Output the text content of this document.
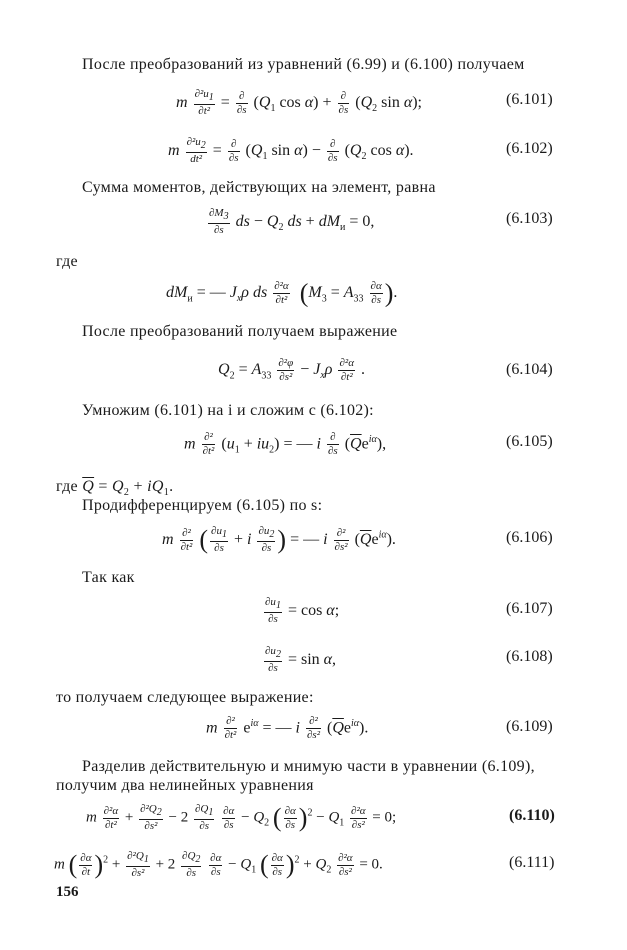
После преобразований из уравнений (6.99) и (6.100) получаем
m $\frac{\partial^2u_1}{\text{∂t²}} = \frac{\partial}{\partial s} (Q_1$ $\cos \alpha) + \frac{\partial}{\partial s} (Q_2$ sin α);	(6.101)
m $\frac{\partial^2u_2}{\text{dt²}} = \frac{\partial}{\partial s} (Q_1$ $\sin \alpha) - \frac{\partial}{\partial s} (Q_2$ cos α).	(6.102)
Сумма моментов, действующих на элемент, равна
$\frac{\partial M_3}{\partial s}$ ds − $Q_2$ ds + $dM_и = 0$,	(6.103)
где
$dM_и$ = — $J_x\rho$ ds $\frac{\text{∂²α}}{\text{∂t²}} (M_3 = A_{33} \frac{\partial\alpha}{\partial s}$ ).
После преобразований получаем выражение
$Q_2 = A_{33} \frac{\text{∂²φ}}{\text{∂s²}} - J_x\rho \frac{\text{∂²α}}{\text{∂t²}}$ .	(6.104)
Умножим (6.101) на i и сложим с (6.102):
m $\frac{\text{∂²}}{\text{∂t²}} (u_1 + iu_2)$ = — i $\frac{\partial}{\partial s} (\overline{Q}e^{i\alpha})$,	(6.105)
где $\overline{Q} = Q_2 + iQ_1$.
Продифференцируем (6.105) по s:
m $\frac{\text{∂²}}{\text{∂t²}}$ ( $\frac{\partial u_1}{\partial s} + i \frac{\partial u_2}{\partial s}$ ) = — i $\frac{\text{∂²}}{\text{∂s²}} (\overline{Q}e^{i\alpha})$.	(6.106)
Так как
$\frac{\partial u_1}{\partial s} = \cos \alpha$;	(6.107)
$\frac{\partial u_2}{\partial s} = \sin \alpha$,	(6.108)
то получаем следующее выражение:
m $\frac{\text{∂²}}{\text{∂t²}} e^{i\alpha}$ = — i $\frac{\text{∂²}}{\text{∂s²}} (\overline{Q}e^{i\alpha})$.	(6.109)
Разделив действительную и мнимую части в уравнении (6.109),
получим два нелинейных уравнения
m $\frac{\text{∂²α}}{\text{∂t²}} + \frac{\partial^2Q_2}{\text{∂s²}} - 2 \frac{\partial Q_1}{\partial s}$
$\frac{\partial\alpha}{\partial s} - Q_2$ ( $\frac{\partial\alpha}{\partial s} )^2 - Q_1 \frac{\text{∂²α}}{\text{∂s²}} = 0$;	(6.110)
m ( $\frac{\partial\alpha}{\partial t} )^2 + \frac{\partial^2Q_1}{\text{∂s²}} + 2 \frac{\partial Q_2}{\partial s}$
$\frac{\partial\alpha}{\partial s} - Q_1$ ( $\frac{\partial\alpha}{\partial s} )^2 + Q_2 \frac{\text{∂²α}}{\text{∂s²}} = 0$.	(6.111)
156
